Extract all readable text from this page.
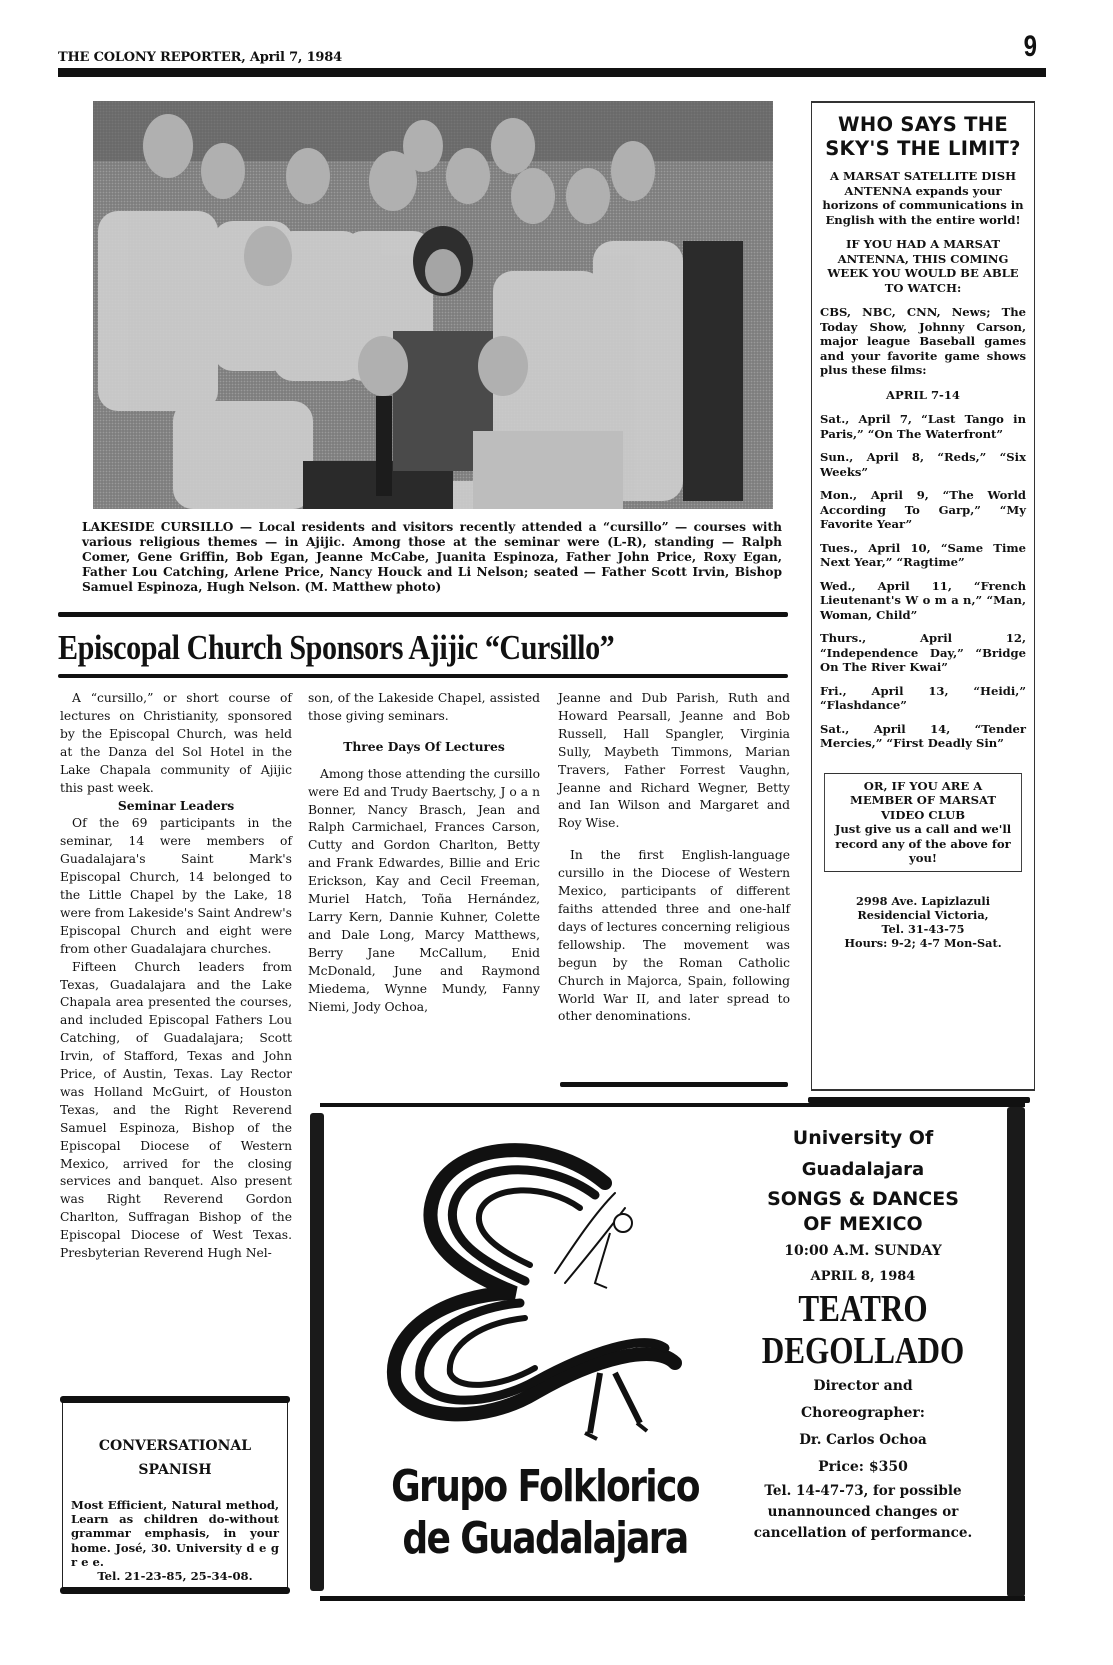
THE COLONY REPORTER, April 7, 1984	9
LAKESIDE CURSILLO — Local residents and visitors recently attended a “cursillo” — courses with various religious themes — in Ajijic. Among those at the seminar were (L-R), standing — Ralph Comer, Gene Griffin, Bob Egan, Jeanne McCabe, Juanita Espinoza, Father John Price, Roxy Egan, Father Lou Catching, Arlene Price, Nancy Houck and Li Nelson; seated — Father Scott Irvin, Bishop Samuel Espinoza, Hugh Nelson. (M. Matthew photo)
Episcopal Church Sponsors Ajijic “Cursillo”

A “cursillo,” or short course of lectures on Christianity, sponsored by the Episcopal Church, was held at the Danza del Sol Hotel in the Lake Chapala community of Ajijic this past week.

Seminar Leaders

Of the 69 participants in the seminar, 14 were members of Guadalajara's Saint Mark's Episcopal Church, 14 belonged to the Little Chapel by the Lake, 18 were from Lakeside's Saint Andrew's Episcopal Church and eight were from other Guadalajara churches.

Fifteen Church leaders from Texas, Guadalajara and the Lake Chapala area presented the courses, and included Episcopal Fathers Lou Catching, of Guadalajara; Scott Irvin, of Stafford, Texas and John Price, of Austin, Texas. Lay Rector was Holland McGuirt, of Houston Texas, and the Right Reverend Samuel Espinoza, Bishop of the Episcopal Diocese of Western Mexico, arrived for the closing services and banquet. Also present was Right Reverend Gordon Charlton, Suffragan Bishop of the Episcopal Diocese of West Texas. Presbyterian Reverend Hugh Nel-

son, of the Lakeside Chapel, assisted those giving seminars.

Three Days Of Lectures

Among those attending the cursillo were Ed and Trudy Baertschy, J o a n Bonner, Nancy Brasch, Jean and Ralph Carmichael, Frances Carson, Cutty and Gordon Charlton, Betty and Frank Edwardes, Billie and Eric Erickson, Kay and Cecil Freeman, Muriel Hatch, Toña Hernández, Larry Kern, Dannie Kuhner, Colette and Dale Long, Marcy Matthews, Berry Jane McCallum, Enid McDonald, June and Raymond Miedema, Wynne Mundy, Fanny Niemi, Jody Ochoa,

Jeanne and Dub Parish, Ruth and Howard Pearsall, Jeanne and Bob Russell, Hall Spangler, Virginia Sully, Maybeth Timmons, Marian Travers, Father Forrest Vaughn, Jeanne and Richard Wegner, Betty and Ian Wilson and Margaret and Roy Wise.

In the first English-language cursillo in the Diocese of Western Mexico, participants of different faiths attended three and one-half days of lectures concerning religious fellowship. The movement was begun by the Roman Catholic Church in Majorca, Spain, following World War II, and later spread to other denominations.

WHO SAYS THE SKY'S THE LIMIT?
A MARSAT SATELLITE DISH ANTENNA expands your horizons of communications in English with the entire world!
IF YOU HAD A MARSAT ANTENNA, THIS COMING WEEK YOU WOULD BE ABLE TO WATCH:
CBS, NBC, CNN, News; The Today Show, Johnny Carson, major league Baseball games and your favorite game shows plus these films:
APRIL 7-14
Sat., April 7, “Last Tango in Paris,” “On The Waterfront”
Sun., April 8, “Reds,” “Six Weeks”
Mon., April 9, “The World According To Garp,” “My Favorite Year”
Tues., April 10, “Same Time Next Year,” “Ragtime”
Wed., April 11, “French Lieutenant's W o m a n,” “Man, Woman, Child”
Thurs., April 12, “Independence Day,” “Bridge On The River Kwai”
Fri., April 13, “Heidi,” “Flashdance”
Sat., April 14, “Tender Mercies,” “First Deadly Sin”
OR, IF YOU ARE A MEMBER OF MARSAT VIDEO CLUB
Just give us a call and we'll record any of the above for you!
2998 Ave. Lapizlazuli
Residencial Victoria,
Tel. 31-43-75
Hours: 9-2; 4-7 Mon-Sat.
CONVERSATIONAL SPANISH
Most Efficient, Natural method, Learn as children do-without grammar emphasis, in your home. José, 30. University d e g r e e.
Tel. 21-23-85, 25-34-08.
Grupo Folklorico
de Guadalajara
University Of
Guadalajara
SONGS & DANCES
OF MEXICO
10:00 A.M. SUNDAY
APRIL 8, 1984
TEATRO
DEGOLLADO
Director and
Choreographer:
Dr. Carlos Ochoa
Price: $350
Tel. 14-47-73, for possible
unannounced changes or
cancellation of performance.
